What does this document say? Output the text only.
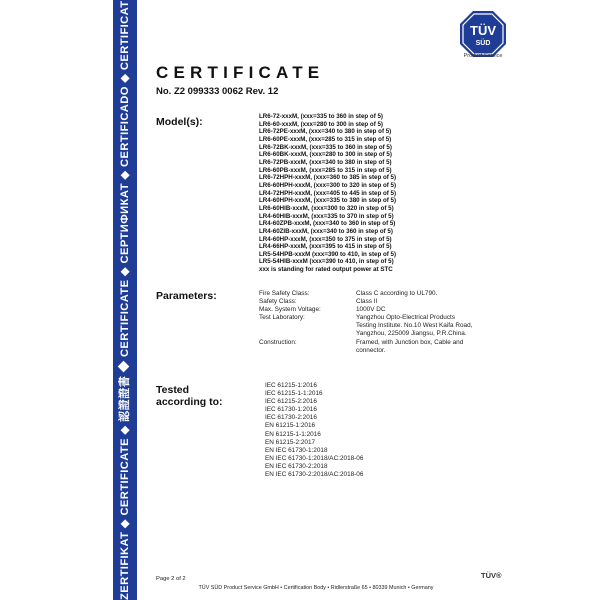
ZERTIFIKAT ◆ CERTIFICATE ◆ 認證證書 ◆ CERTIFICATE ◆ СЕРТИФИКАТ ◆ CERTIFICADO ◆ CERTIFICAT	TÜV
SÜD
Product Service
CERTIFICATE
No. Z2 099333 0062 Rev. 12
Model(s):	LR6-72-xxxM, (xxx=335 to 360 in step of 5)
LR6-60-xxxM, (xxx=280 to 300 in step of 5)
LR6-72PE-xxxM, (xxx=340 to 380 in step of 5)
LR6-60PE-xxxM, (xxx=285 to 315 in step of 5)
LR6-72BK-xxxM, (xxx=335 to 360 in step of 5)
LR6-60BK-xxxM, (xxx=280 to 300 in step of 5)
LR6-72PB-xxxM, (xxx=340 to 380 in step of 5)
LR6-60PB-xxxM, (xxx=285 to 315 in step of 5)
LR6-72HPH-xxxM, (xxx=360 to 385 in step of 5)
LR6-60HPH-xxxM, (xxx=300 to 320 in step of 5)
LR4-72HPH-xxxM, (xxx=405 to 445 in step of 5)
LR4-60HPH-xxxM, (xxx=335 to 380 in step of 5)
LR6-60HIB-xxxM, (xxx=300 to 320 in step of 5)
LR4-60HIB-xxxM, (xxx=335 to 370 in step of 5)
LR4-60ZPB-xxxM, (xxx=340 to 360 in step of 5)
LR4-60ZIB-xxxM, (xxx=340 to 360 in step of 5)
LR4-60HP-xxxM, (xxx=350 to 375 in step of 5)
LR4-66HP-xxxM, (xxx=395 to 415 in step of 5)
LR5-54HPB-xxxM (xxx=390 to 410, in step of 5)
LR5-54HIB-xxxM (xxx=390 to 410, in step of 5)
xxx is standing for rated output power at STC
Parameters:	Fire Safety Class:	Class C according to UL790.
Safety Class:	Class II
Max. System Voltage:	1000V DC
Test Laboratory:	Yangzhou Opto-Electrical Products Testing Institute. No.10 West Kaifa Road, Yangzhou, 225009 Jiangsu, P.R.China.
Construction:	Framed, with Junction box, Cable and connector.
Tested
according to:
IEC 61215-1:2016
IEC 61215-1-1:2016
IEC 61215-2:2016
IEC 61730-1:2016
IEC 61730-2:2016
EN 61215-1:2016
EN 61215-1-1:2016
EN 61215-2:2017
EN IEC 61730-1:2018
EN IEC 61730-1:2018/AC:2018-06
EN IEC 61730-2:2018
EN IEC 61730-2:2018/AC:2018-06
Page 2 of 2
TÜV SÜD Product Service GmbH • Certification Body • Ridlerstraße 65 • 80339 Munich • Germany
TÜV®
